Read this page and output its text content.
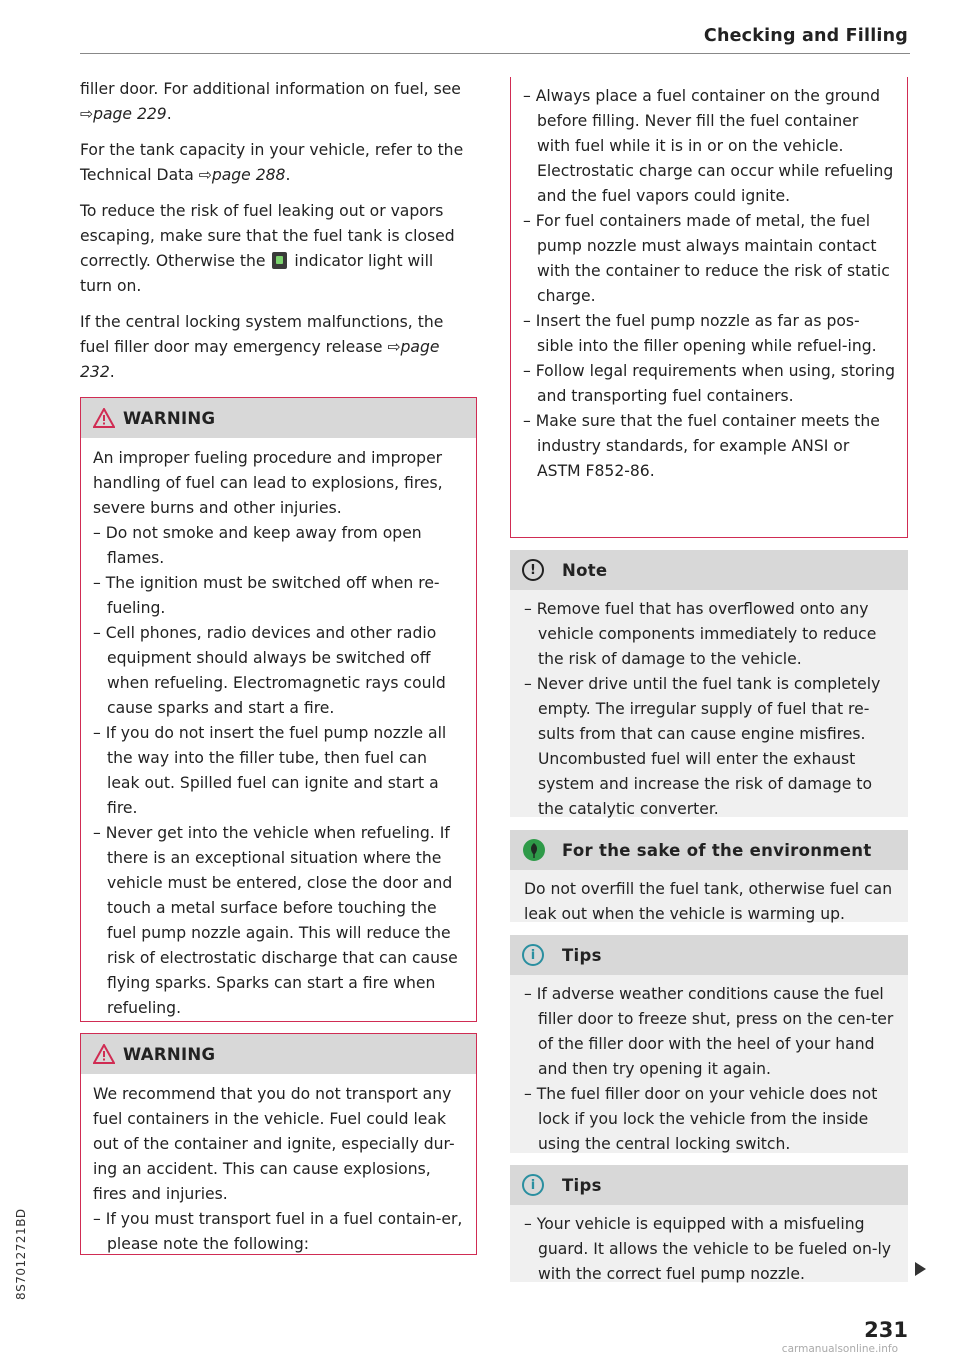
Checking and Filling

filler door. For additional information on fuel, see ⇨page 229.

For the tank capacity in your vehicle, refer to the Technical Data ⇨page 288.

To reduce the risk of fuel leaking out or vapors escaping, make sure that the fuel tank is closed correctly. Otherwise the  indicator light will turn on.

If the central locking system malfunctions, the fuel filler door may emergency release ⇨page 232.

WARNING

An improper fueling procedure and improper handling of fuel can lead to explosions, fires, severe burns and other injuries.

– Do not smoke and keep away from open flames.
– The ignition must be switched off when re-fueling.
– Cell phones, radio devices and other radio equipment should always be switched off when refueling. Electromagnetic rays could cause sparks and start a fire.
– If you do not insert the fuel pump nozzle all the way into the filler tube, then fuel can leak out. Spilled fuel can ignite and start a fire.
– Never get into the vehicle when refueling. If there is an exceptional situation where the vehicle must be entered, close the door and touch a metal surface before touching the fuel pump nozzle again. This will reduce the risk of electrostatic discharge that can cause flying sparks. Sparks can start a fire when refueling.
WARNING

We recommend that you do not transport any fuel containers in the vehicle. Fuel could leak out of the container and ignite, especially dur-ing an accident. This can cause explosions, fires and injuries.

– If you must transport fuel in a fuel contain-er, please note the following:
– Always place a fuel container on the ground before filling. Never fill the fuel container with fuel while it is in or on the vehicle. Electrostatic charge can occur while refueling and the fuel vapors could ignite.
– For fuel containers made of metal, the fuel pump nozzle must always maintain contact with the container to reduce the risk of static charge.
– Insert the fuel pump nozzle as far as pos-sible into the filler opening while refuel-ing.
– Follow legal requirements when using, storing and transporting fuel containers.
– Make sure that the fuel container meets the industry standards, for example ANSI or ASTM F852-86.
!	Note
– Remove fuel that has overflowed onto any vehicle components immediately to reduce the risk of damage to the vehicle.
– Never drive until the fuel tank is completely empty. The irregular supply of fuel that re-sults from that can cause engine misfires. Uncombusted fuel will enter the exhaust system and increase the risk of damage to the catalytic converter.
For the sake of the environment

Do not overfill the fuel tank, otherwise fuel can leak out when the vehicle is warming up.

i	Tips
– If adverse weather conditions cause the fuel filler door to freeze shut, press on the cen-ter of the filler door with the heel of your hand and then try opening it again.
– The fuel filler door on your vehicle does not lock if you lock the vehicle from the inside using the central locking switch.
i	Tips
– Your vehicle is equipped with a misfueling guard. It allows the vehicle to be fueled on-ly with the correct fuel pump nozzle.
231
8S7012721BD
carmanualsonline.info
